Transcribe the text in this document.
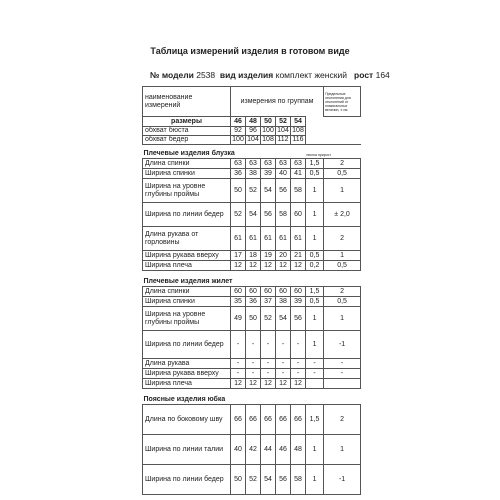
Таблица измерений изделия в готовом виде
№ модели 2538 вид изделия комплект женский рост 164
наименование измерений	измерения по группам						Предельные отклонения для отклонений от номинальных величин, ± см
размеры	46	48	50	52	54		
обхват бюста	92	96	100	104	108		
обхват бедер	100	104	108	112	116		
Плечевые изделия блузка						писгка прирост	
Длина спинки	63	63	63	63	63	1,5	2
Ширина спинки	36	38	39	40	41	0,5	0,5
Ширина на уровне глубины проймы	50	52	54	56	58	1	1
Ширина по линии бедер	52	54	56	58	60	1	± 2,0
Длина рукава от горловины	61	61	61	61	61	1	2
Ширина рукава вверху	17	18	19	20	21	0,5	1
Ширина плеча	12	12	12	12	12	0,2	0,5
Плечевые изделия жилет							
Длина спинки	60	60	60	60	60	1,5	2
Ширина спинки	35	36	37	38	39	0,5	0,5
Ширина на уровне глубины проймы	49	50	52	54	56	1	1
Ширина по линии бедер	-	-	-	-	-	1	-1
Длина рукава	-	-	-	-	-	-	-
Ширина рукава вверху	-	-	-	-	-	-	-
Ширина плеча	12	12	12	12	12		
Поясные изделия юбка							
Длина по боковому шву	66	66	66	66	66	1,5	2
Ширина по линии талии	40	42	44	46	48	1	1
Ширина по линии бедер	50	52	54	56	58	1	-1
